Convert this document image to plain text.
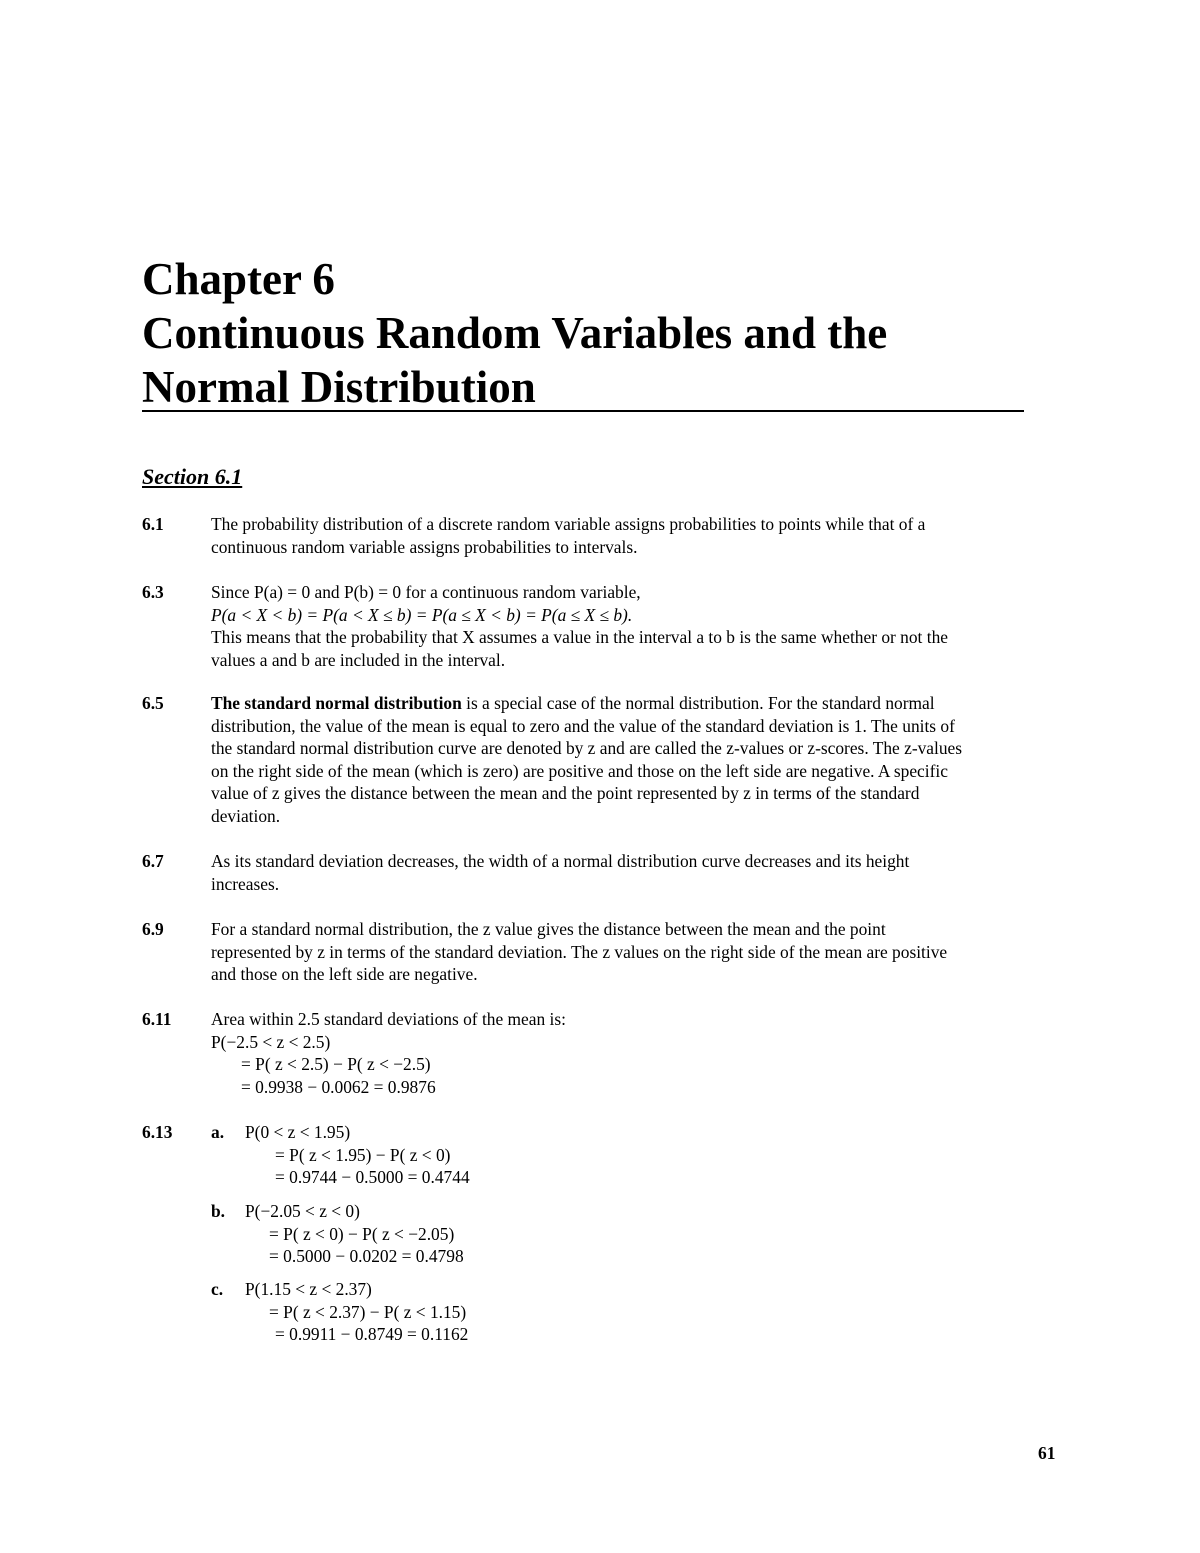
Chapter 6
Continuous Random Variables and the
Normal Distribution
Section 6.1
6.1	The probability distribution of a discrete random variable assigns probabilities to points while that of a
continuous random variable assigns probabilities to intervals.
6.3	Since P(a) = 0 and P(b) = 0 for a continuous random variable,
P(a < X < b) = P(a < X ≤ b) = P(a ≤ X < b) = P(a ≤ X ≤ b).
This means that the probability that X assumes a value in the interval a to b is the same whether or not the
values a and b are included in the interval.
6.5	The standard normal distribution is a special case of the normal distribution. For the standard normal
distribution, the value of the mean is equal to zero and the value of the standard deviation is 1. The units of
the standard normal distribution curve are denoted by z and are called the z-values or z-scores. The z-values
on the right side of the mean (which is zero) are positive and those on the left side are negative. A specific
value of z gives the distance between the mean and the point represented by z in terms of the standard
deviation.
6.7	As its standard deviation decreases, the width of a normal distribution curve decreases and its height
increases.
6.9	For a standard normal distribution, the z value gives the distance between the mean and the point
represented by z in terms of the standard deviation. The z values on the right side of the mean are positive
and those on the left side are negative.
6.11 Area within 2.5 standard deviations of the mean is:
P(−2.5 < z < 2.5)
= P( z < 2.5) − P( z < −2.5)
= 0.9938 − 0.0062 = 0.9876
6.13 a. P(0 < z < 1.95)
= P( z < 1.95) − P( z < 0)
= 0.9744 − 0.5000 = 0.4744
b. P(−2.05 < z < 0)
= P( z < 0) − P( z < −2.05)
= 0.5000 − 0.0202 = 0.4798
c. P(1.15 < z < 2.37)
= P( z < 2.37) − P( z < 1.15)
= 0.9911 − 0.8749 = 0.1162
61
